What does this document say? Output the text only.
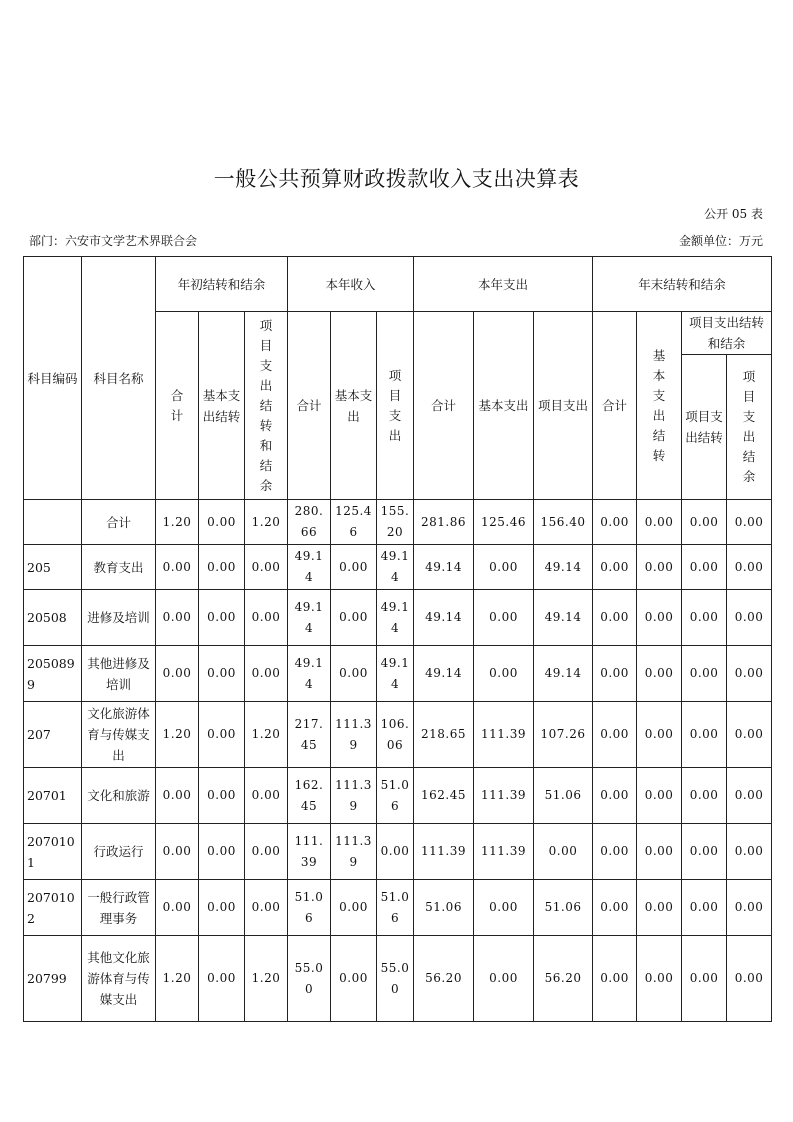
一般公共预算财政拨款收入支出决算表
公开 05 表
部门：六安市文学艺术界联合会	金额单位：万元
科目编码	科目名称	年初结转和结余			本年收入			本年支出			年末结转和结余			

		合计	基本支出结转	项目支出结转和结余	合计	基本支出	项目支出	合计	基本支出	项目支出	合计	基本支出结转	项目支出结转和结余	
													项目支出结转	项目支出结余

	合计	1.20	0.00	1.20	280.66	125.46	155.20	281.86	125.46	156.40	0.00	0.00	0.00	0.00
205	教育支出	0.00	0.00	0.00	49.14	0.00	49.14	49.14	0.00	49.14	0.00	0.00	0.00	0.00
20508	进修及培训	0.00	0.00	0.00	49.14	0.00	49.14	49.14	0.00	49.14	0.00	0.00	0.00	0.00
2050899	其他进修及培训	0.00	0.00	0.00	49.14	0.00	49.14	49.14	0.00	49.14	0.00	0.00	0.00	0.00
207	文化旅游体育与传媒支出	1.20	0.00	1.20	217.45	111.39	106.06	218.65	111.39	107.26	0.00	0.00	0.00	0.00
20701	文化和旅游	0.00	0.00	0.00	162.45	111.39	51.06	162.45	111.39	51.06	0.00	0.00	0.00	0.00
2070101	行政运行	0.00	0.00	0.00	111.39	111.39	0.00	111.39	111.39	0.00	0.00	0.00	0.00	0.00
2070102	一般行政管理事务	0.00	0.00	0.00	51.06	0.00	51.06	51.06	0.00	51.06	0.00	0.00	0.00	0.00
20799	其他文化旅游体育与传媒支出	1.20	0.00	1.20	55.00	0.00	55.00	56.20	0.00	56.20	0.00	0.00	0.00	0.00
